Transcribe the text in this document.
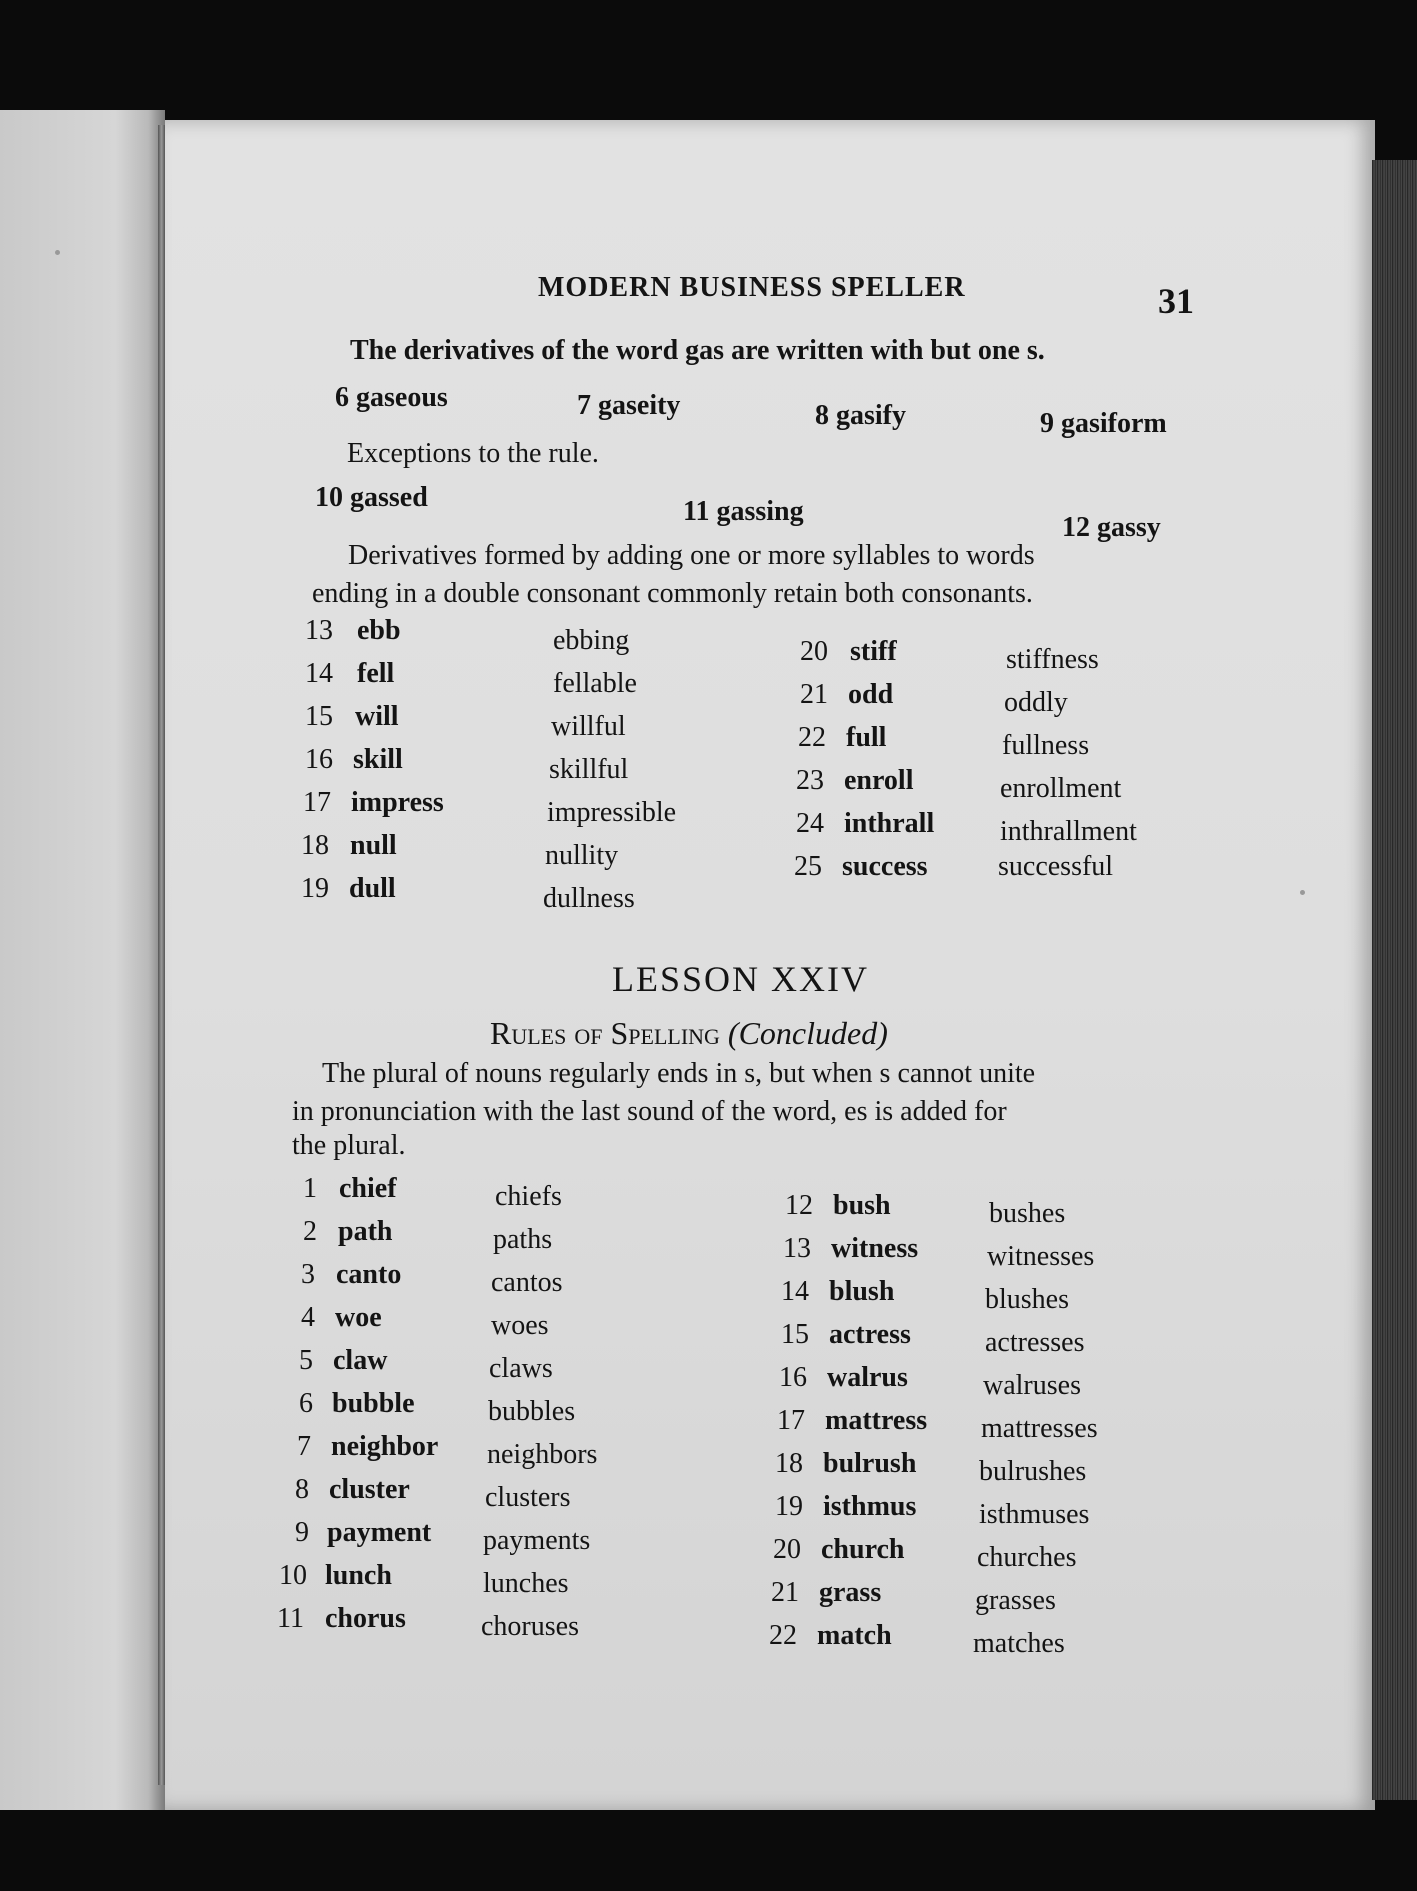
MODERN BUSINESS SPELLER	31
The derivatives of the word gas are written with but one s.
6 gaseous	7 gaseity	8 gasify	9 gasiform
Exceptions to the rule.
10 gassed	11 gassing
12 gassy
Derivatives formed by adding one or more syllables to words
ending in a double consonant commonly retain both consonants.
13 ebb	ebbing
14 fell	fellable
15 will	willful
16 skill	skillful
17 impress	impressible
18 null	nullity
19 dull	dullness
20 stiff	stiffness
21 odd	oddly
22 full	fullness
23 enroll	enrollment
24 inthrall inthrallment
25 success	successful
LESSON XXIV
Rules of Spelling (Concluded)
The plural of nouns regularly ends in s, but when s cannot unite
in pronunciation with the last sound of the word, es is added for
the plural.
1 chief	chiefs
2 path	paths
3 canto	cantos
4 woe	woes
5 claw	claws
6 bubble	bubbles
7 neighbor neighbors
8 cluster	clusters
9 payment payments
10 lunch	lunches
11 chorus	choruses
12 bush	bushes
13 witness witnesses
14 blush	blushes
15 actress	actresses
16 walrus	walruses
17 mattress mattresses
18 bulrush bulrushes
19 isthmus isthmuses
20 church	churches
21 grass	grasses
22 match	matches
